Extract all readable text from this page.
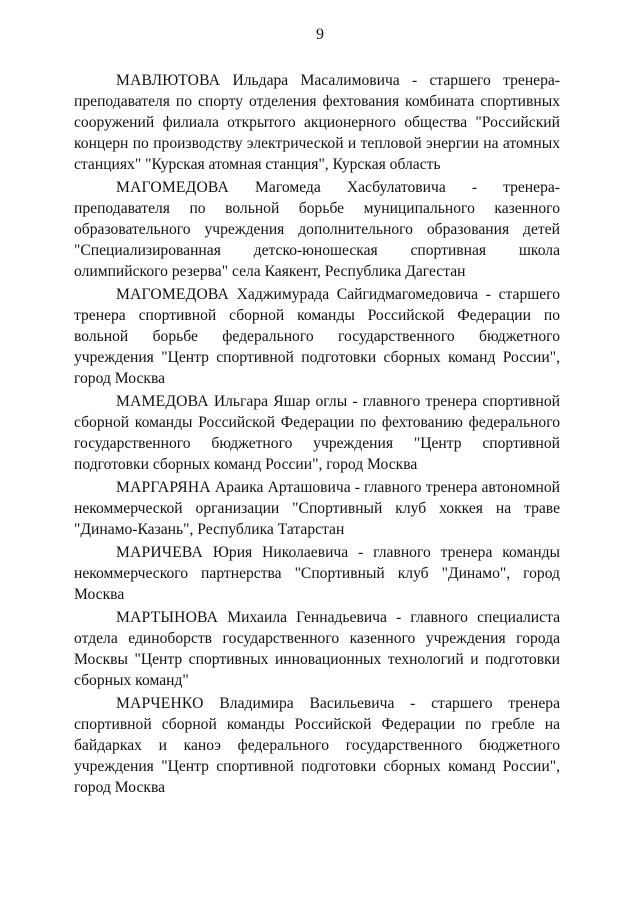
9

МАВЛЮТОВА Ильдара Масалимовича - старшего тренера-преподавателя по спорту отделения фехтования комбината спортивных сооружений филиала открытого акционерного общества "Российский концерн по производству электрической и тепловой энергии на атомных станциях" "Курская атомная станция", Курская область

МАГОМЕДОВА Магомеда Хасбулатовича - тренера-преподавателя по вольной борьбе муниципального казенного образовательного учреждения дополнительного образования детей "Специализированная детско-юношеская спортивная школа олимпийского резерва" села Каякент, Республика Дагестан

МАГОМЕДОВА Хаджимурада Сайгидмагомедовича - старшего тренера спортивной сборной команды Российской Федерации по вольной борьбе федерального государственного бюджетного учреждения "Центр спортивной подготовки сборных команд России", город Москва

МАМЕДОВА Ильгара Яшар оглы - главного тренера спортивной сборной команды Российской Федерации по фехтованию федерального государственного бюджетного учреждения "Центр спортивной подготовки сборных команд России", город Москва

МАРГАРЯНА Араика Арташовича - главного тренера автономной некоммерческой организации "Спортивный клуб хоккея на траве "Динамо-Казань", Республика Татарстан

МАРИЧЕВА Юрия Николаевича - главного тренера команды некоммерческого партнерства "Спортивный клуб "Динамо", город Москва

МАРТЫНОВА Михаила Геннадьевича - главного специалиста отдела единоборств государственного казенного учреждения города Москвы "Центр спортивных инновационных технологий и подготовки сборных команд"

МАРЧЕНКО Владимира Васильевича - старшего тренера спортивной сборной команды Российской Федерации по гребле на байдарках и каноэ федерального государственного бюджетного учреждения "Центр спортивной подготовки сборных команд России", город Москва
